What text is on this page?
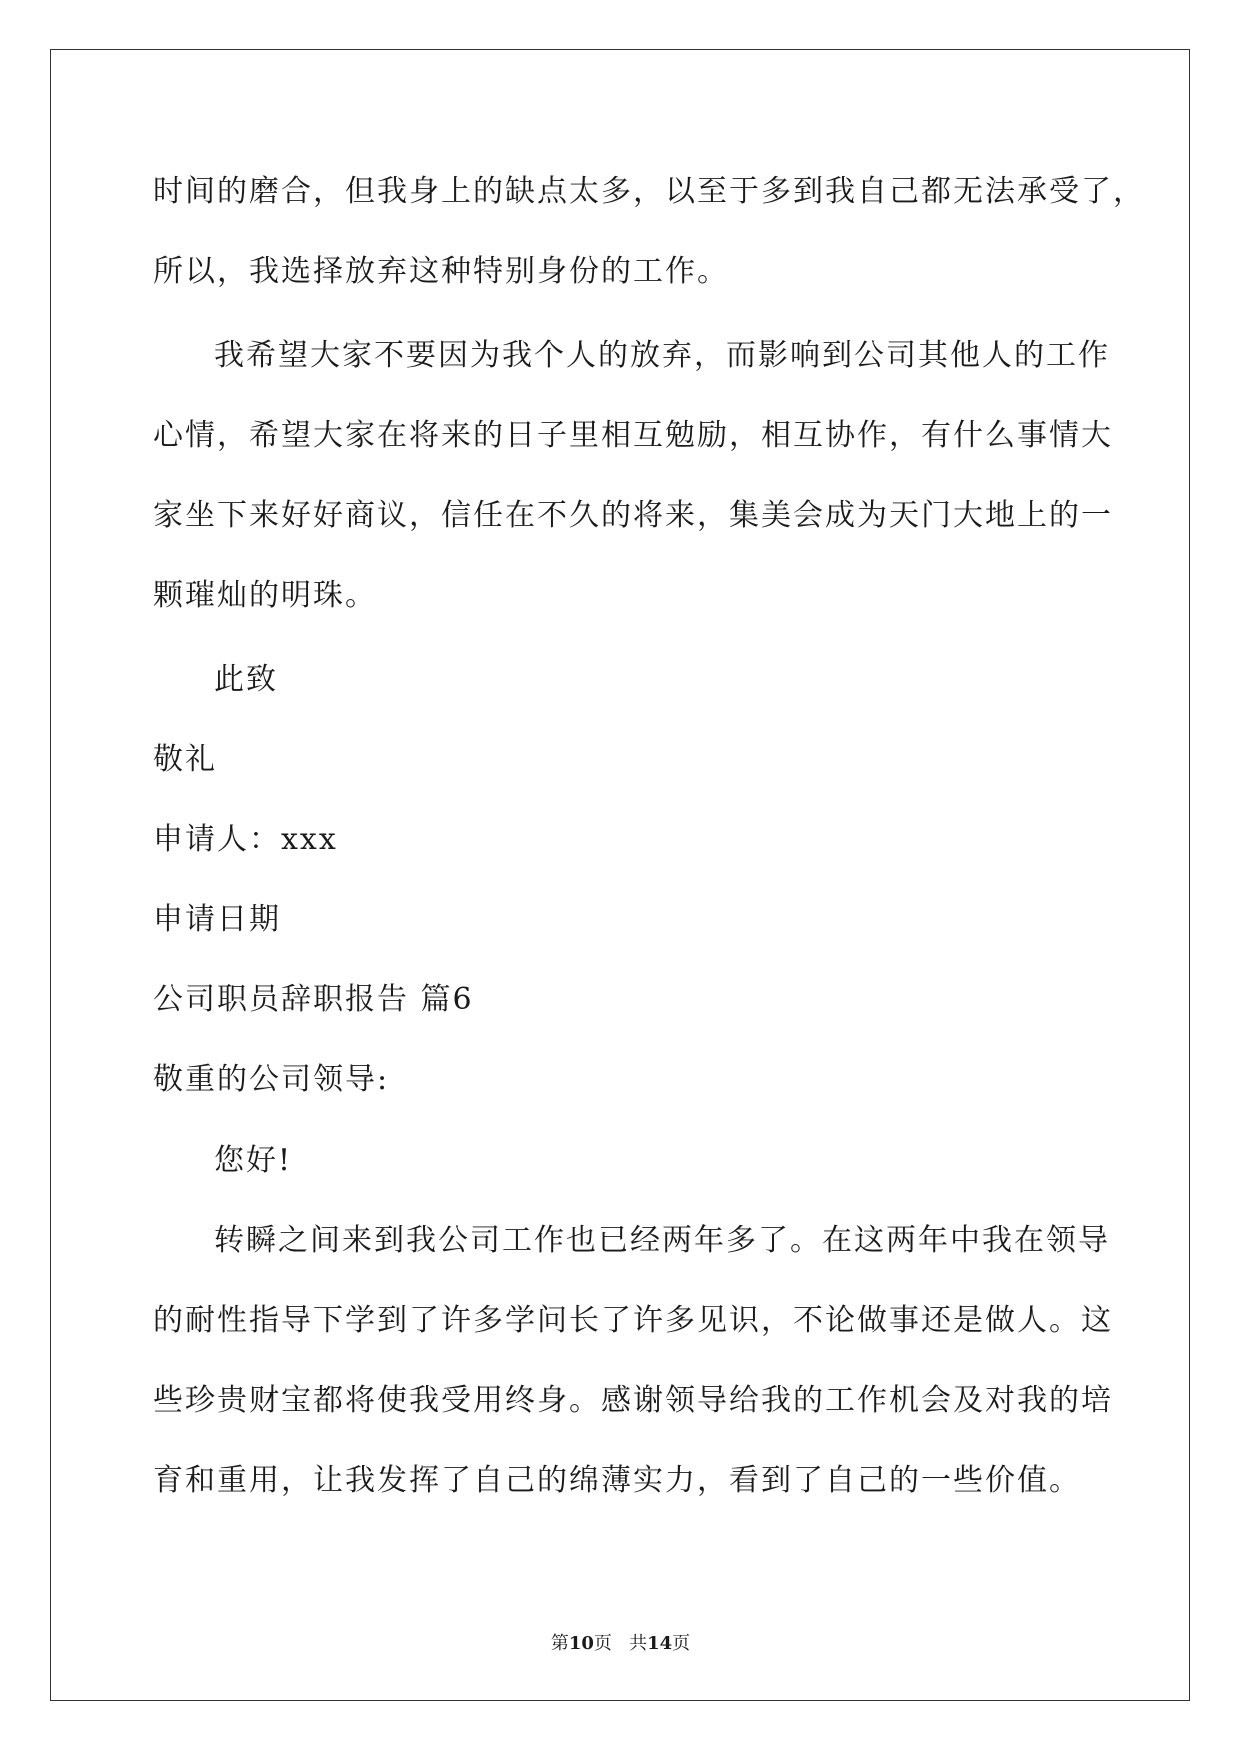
时间的磨合，但我身上的缺点太多，以至于多到我自己都无法承受了，
所以，我选择放弃这种特别身份的工作。
我希望大家不要因为我个人的放弃，而影响到公司其他人的工作
心情，希望大家在将来的日子里相互勉励，相互协作，有什么事情大
家坐下来好好商议，信任在不久的将来，集美会成为天门大地上的一
颗璀灿的明珠。
此致
敬礼
申请人：xxx
申请日期
公司职员辞职报告 篇6
敬重的公司领导:
您好!
转瞬之间来到我公司工作也已经两年多了。在这两年中我在领导
的耐性指导下学到了许多学问长了许多见识，不论做事还是做人。这
些珍贵财宝都将使我受用终身。感谢领导给我的工作机会及对我的培
育和重用，让我发挥了自己的绵薄实力，看到了自己的一些价值。
第10页 共14页
